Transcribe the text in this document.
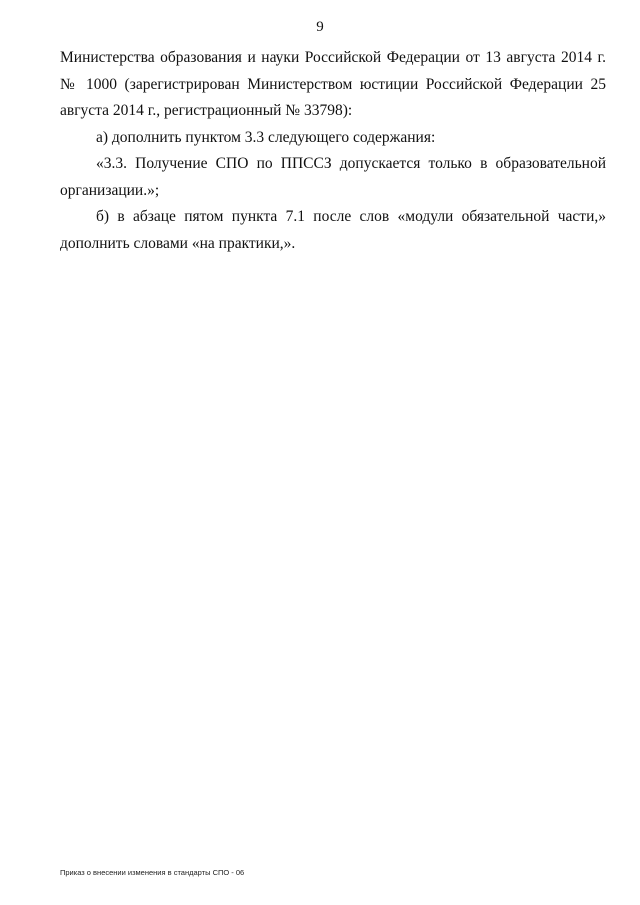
9

Министерства образования и науки Российской Федерации от 13 августа 2014 г. № 1000 (зарегистрирован Министерством юстиции Российской Федерации 25 августа 2014 г., регистрационный № 33798):

а) дополнить пунктом 3.3 следующего содержания:

«3.3. Получение СПО по ППССЗ допускается только в образовательной организации.»;

б) в абзаце пятом пункта 7.1 после слов «модули обязательной части,» дополнить словами «на практики,».

Приказ о внесении изменения в стандарты СПО - 06
